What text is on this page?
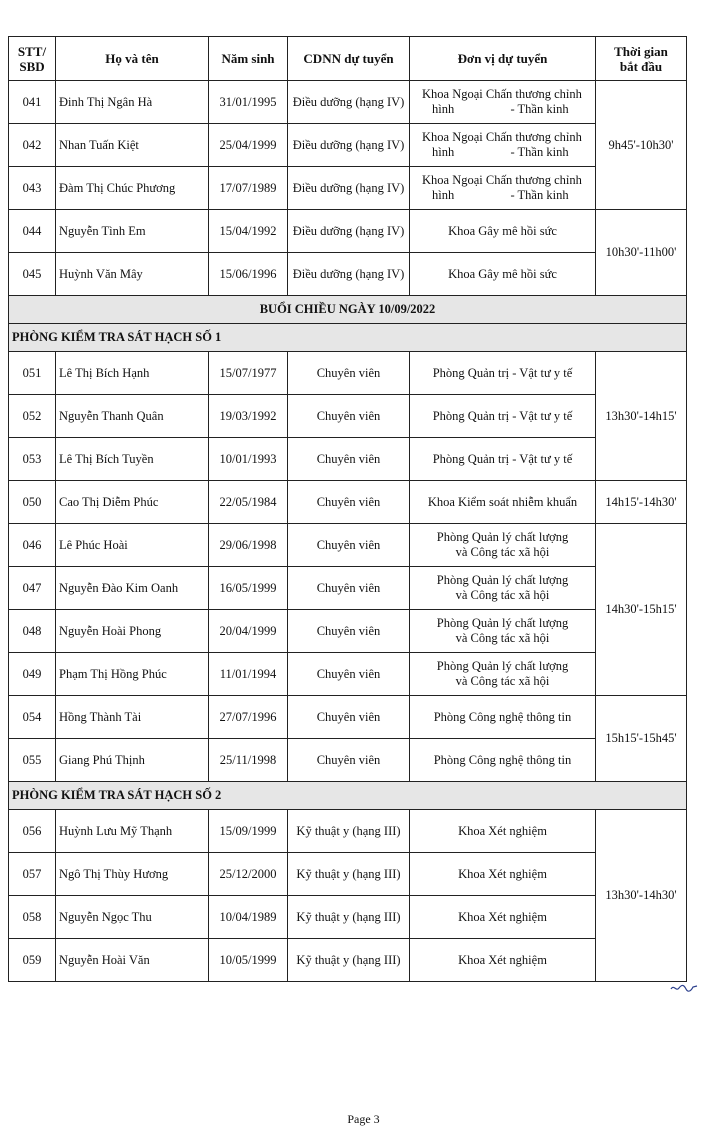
STT/
SBD	Họ và tên	Năm sinh	CDNN dự tuyển	Đơn vị dự tuyển	Thời gian
bắt đầu
041	Đinh Thị Ngân Hà	31/01/1995	Điều dưỡng (hạng IV)	Khoa Ngoại Chấn thương chỉnh
hình - Thần kinh	9h45'-10h30'
042	Nhan Tuấn Kiệt	25/04/1999	Điều dưỡng (hạng IV)	Khoa Ngoại Chấn thương chỉnh
hình - Thần kinh	

043	Đàm Thị Chúc Phương	17/07/1989	Điều dưỡng (hạng IV)	Khoa Ngoại Chấn thương chỉnh
hình - Thần kinh	

044	Nguyễn Tình Em	15/04/1992	Điều dưỡng (hạng IV)	Khoa Gây mê hồi sức	10h30'-11h00'
045	Huỳnh Văn Mây	15/06/1996	Điều dưỡng (hạng IV)	Khoa Gây mê hồi sức	
BUỔI CHIỀU NGÀY 10/09/2022					
PHÒNG KIỂM TRA SÁT HẠCH SỐ 1					
051	Lê Thị Bích Hạnh	15/07/1977	Chuyên viên	Phòng Quản trị - Vật tư y tế	13h30'-14h15'
052	Nguyễn Thanh Quân	19/03/1992	Chuyên viên	Phòng Quản trị - Vật tư y tế	
053	Lê Thị Bích Tuyền	10/01/1993	Chuyên viên	Phòng Quản trị - Vật tư y tế	
050	Cao Thị Diễm Phúc	22/05/1984	Chuyên viên	Khoa Kiểm soát nhiễm khuẩn	14h15'-14h30'
046	Lê Phúc Hoài	29/06/1998	Chuyên viên	Phòng Quản lý chất lượng
và Công tác xã hội	14h30'-15h15'
047	Nguyễn Đào Kim Oanh	16/05/1999	Chuyên viên	Phòng Quản lý chất lượng
và Công tác xã hội	

048	Nguyễn Hoài Phong	20/04/1999	Chuyên viên	Phòng Quản lý chất lượng
và Công tác xã hội	

049	Phạm Thị Hồng Phúc	11/01/1994	Chuyên viên	Phòng Quản lý chất lượng
và Công tác xã hội	

054	Hồng Thành Tài	27/07/1996	Chuyên viên	Phòng Công nghệ thông tin	15h15'-15h45'
055	Giang Phú Thịnh	25/11/1998	Chuyên viên	Phòng Công nghệ thông tin	
PHÒNG KIỂM TRA SÁT HẠCH SỐ 2					
056	Huỳnh Lưu Mỹ Thạnh	15/09/1999	Kỹ thuật y (hạng III)	Khoa Xét nghiệm	13h30'-14h30'
057	Ngô Thị Thùy Hương	25/12/2000	Kỹ thuật y (hạng III)	Khoa Xét nghiệm	
058	Nguyễn Ngọc Thu	10/04/1989	Kỹ thuật y (hạng III)	Khoa Xét nghiệm	
059	Nguyễn Hoài Văn	10/05/1999	Kỹ thuật y (hạng III)	Khoa Xét nghiệm	
Page 3
